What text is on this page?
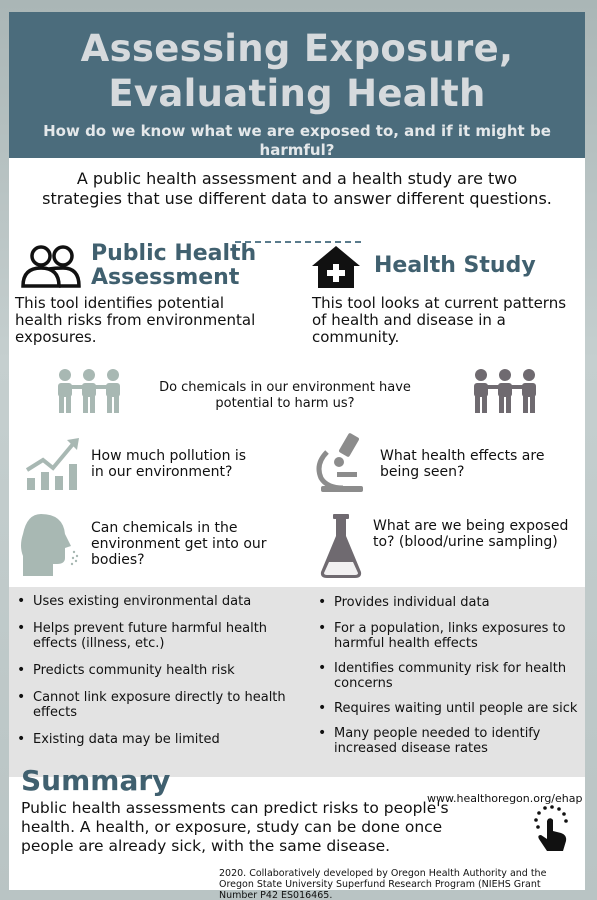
Assessing Exposure,
Evaluating Health
How do we know what we are exposed to, and if it might be harmful?
A public health assessment and a health study are two strategies that use different data to answer different questions.
Public Health
Assessment
This tool identifies potential health risks from environmental exposures.
Health Study
This tool looks at current patterns of health and disease in a community.
Do chemicals in our environment have potential to harm us?
How much pollution is in our environment?
What health effects are being seen?
Can chemicals in the environment get into our bodies?
What are we being exposed to? (blood/urine sampling)
• Uses existing environmental data
• Helps prevent future harmful health effects (illness, etc.)
• Predicts community health risk
• Cannot link exposure directly to health effects
• Existing data may be limited
• Provides individual data
• For a population, links exposures to harmful health effects
• Identifies community risk for health concerns
• Requires waiting until people are sick
• Many people needed to identify increased disease rates
Summary
www.healthoregon.org/ehap
Public health assessments can predict risks to people's health. A health, or exposure, study can be done once people are already sick, with the same disease.
2020. Collaboratively developed by Oregon Health Authority and the Oregon State University Superfund Research Program (NIEHS Grant Number P42 ES016465.
